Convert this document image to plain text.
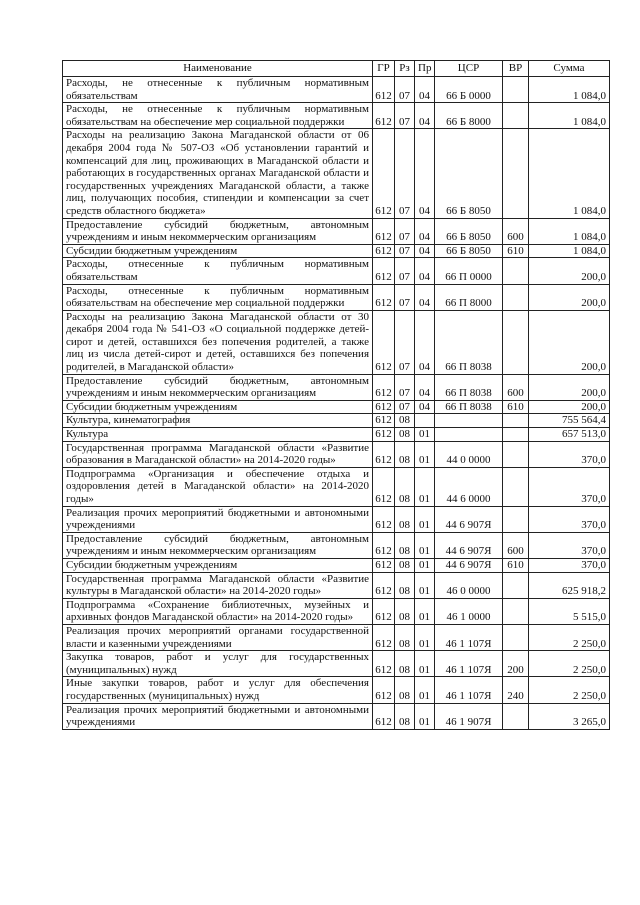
Наименование	ГР	Рз	Пр	ЦСР	ВР	Сумма
Расходы, не отнесенные к публичным нормативным обязательствам	612	07	04	66 Б 0000		1 084,0
Расходы, не отнесенные к публичным нормативным обязательствам на обеспечение мер социальной поддержки	612	07	04	66 Б 8000		1 084,0
Расходы на реализацию Закона Магаданской области от 06 декабря 2004 года № 507-ОЗ «Об установлении гарантий и компенсаций для лиц, проживающих в Магаданской области и работающих в государственных органах Магаданской области и государственных учреждениях Магаданской области, а также лиц, получающих пособия, стипендии и компенсации за счет средств областного бюджета»	612	07	04	66 Б 8050		1 084,0
Предоставление субсидий бюджетным, автономным учреждениям и иным некоммерческим организациям	612	07	04	66 Б 8050	600	1 084,0
Субсидии бюджетным учреждениям	612	07	04	66 Б 8050	610	1 084,0
Расходы, отнесенные к публичным нормативным обязательствам	612	07	04	66 П 0000		200,0
Расходы, отнесенные к публичным нормативным обязательствам на обеспечение мер социальной поддержки	612	07	04	66 П 8000		200,0
Расходы на реализацию Закона Магаданской области от 30 декабря 2004 года № 541-ОЗ «О социальной поддержке детей-сирот и детей, оставшихся без попечения родителей, а также лиц из числа детей-сирот и детей, оставшихся без попечения родителей, в Магаданской области»	612	07	04	66 П 8038		200,0
Предоставление субсидий бюджетным, автономным учреждениям и иным некоммерческим организациям	612	07	04	66 П 8038	600	200,0
Субсидии бюджетным учреждениям	612	07	04	66 П 8038	610	200,0
Культура, кинематография	612	08				755 564,4
Культура	612	08	01			657 513,0
Государственная программа Магаданской области «Развитие образования в Магаданской области» на 2014-2020 годы»	612	08	01	44 0 0000		370,0
Подпрограмма «Организация и обеспечение отдыха и оздоровления детей в Магаданской области» на 2014-2020 годы»	612	08	01	44 6 0000		370,0
Реализация прочих мероприятий бюджетными и автономными учреждениями	612	08	01	44 6 907Я		370,0
Предоставление субсидий бюджетным, автономным учреждениям и иным некоммерческим организациям	612	08	01	44 6 907Я	600	370,0
Субсидии бюджетным учреждениям	612	08	01	44 6 907Я	610	370,0
Государственная программа Магаданской области «Развитие культуры в Магаданской области» на 2014-2020 годы»	612	08	01	46 0 0000		625 918,2
Подпрограмма «Сохранение библиотечных, музейных и архивных фондов Магаданской области» на 2014-2020 годы»	612	08	01	46 1 0000		5 515,0
Реализация прочих мероприятий органами государственной власти и казенными учреждениями	612	08	01	46 1 107Я		2 250,0
Закупка товаров, работ и услуг для государственных (муниципальных) нужд	612	08	01	46 1 107Я	200	2 250,0
Иные закупки товаров, работ и услуг для обеспечения государственных (муниципальных) нужд	612	08	01	46 1 107Я	240	2 250,0
Реализация прочих мероприятий бюджетными и автономными учреждениями	612	08	01	46 1 907Я		3 265,0
